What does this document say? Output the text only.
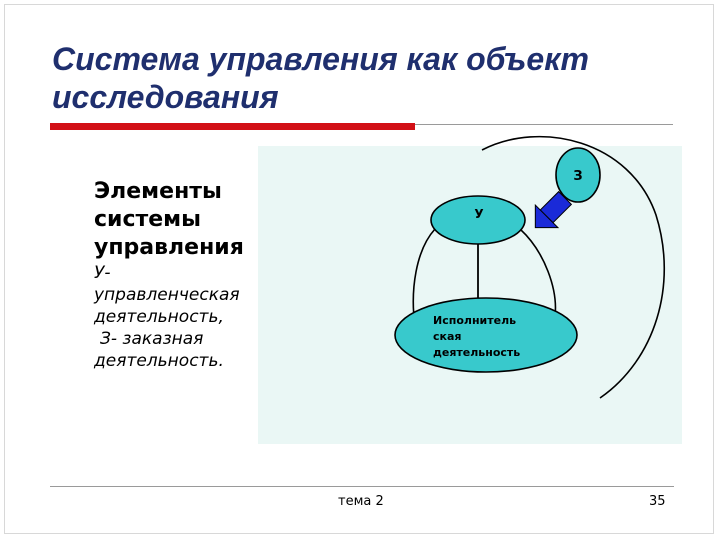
Система управления как объект исследования
З
У
Исполнитель
ская
деятельность

Элементы
системы
управления

У-

управленческая

деятельность,

З- заказная

деятельность.

тема 2	35
